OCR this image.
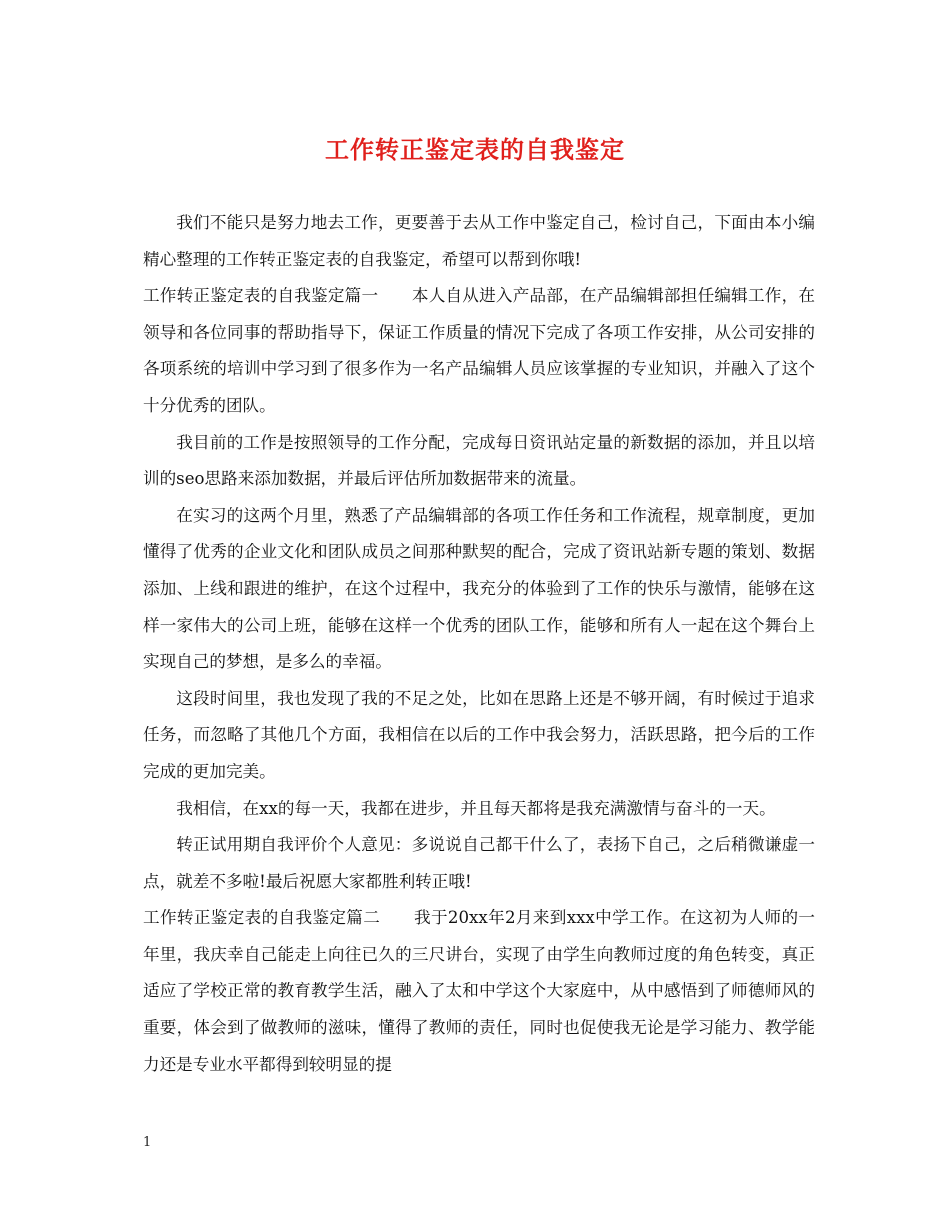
工作转正鉴定表的自我鉴定

我们不能只是努力地去工作，更要善于去从工作中鉴定自己，检讨自己，下面由本小编精心整理的工作转正鉴定表的自我鉴定，希望可以帮到你哦!

工作转正鉴定表的自我鉴定篇一　　本人自从进入产品部，在产品编辑部担任编辑工作，在领导和各位同事的帮助指导下，保证工作质量的情况下完成了各项工作安排，从公司安排的各项系统的培训中学习到了很多作为一名产品编辑人员应该掌握的专业知识，并融入了这个十分优秀的团队。

我目前的工作是按照领导的工作分配，完成每日资讯站定量的新数据的添加，并且以培训的seo思路来添加数据，并最后评估所加数据带来的流量。

在实习的这两个月里，熟悉了产品编辑部的各项工作任务和工作流程，规章制度，更加懂得了优秀的企业文化和团队成员之间那种默契的配合，完成了资讯站新专题的策划、数据添加、上线和跟进的维护，在这个过程中，我充分的体验到了工作的快乐与激情，能够在这样一家伟大的公司上班，能够在这样一个优秀的团队工作，能够和所有人一起在这个舞台上实现自己的梦想，是多么的幸福。

这段时间里，我也发现了我的不足之处，比如在思路上还是不够开阔，有时候过于追求任务，而忽略了其他几个方面，我相信在以后的工作中我会努力，活跃思路，把今后的工作完成的更加完美。

我相信，在xx的每一天，我都在进步，并且每天都将是我充满激情与奋斗的一天。

转正试用期自我评价个人意见：多说说自己都干什么了，表扬下自己，之后稍微谦虚一点，就差不多啦!最后祝愿大家都胜利转正哦!

工作转正鉴定表的自我鉴定篇二　　我于20xx年2月来到xxx中学工作。在这初为人师的一年里，我庆幸自己能走上向往已久的三尺讲台，实现了由学生向教师过度的角色转变，真正适应了学校正常的教育教学生活，融入了太和中学这个大家庭中，从中感悟到了师德师风的重要，体会到了做教师的滋味，懂得了教师的责任，同时也促使我无论是学习能力、教学能力还是专业水平都得到较明显的提

1
